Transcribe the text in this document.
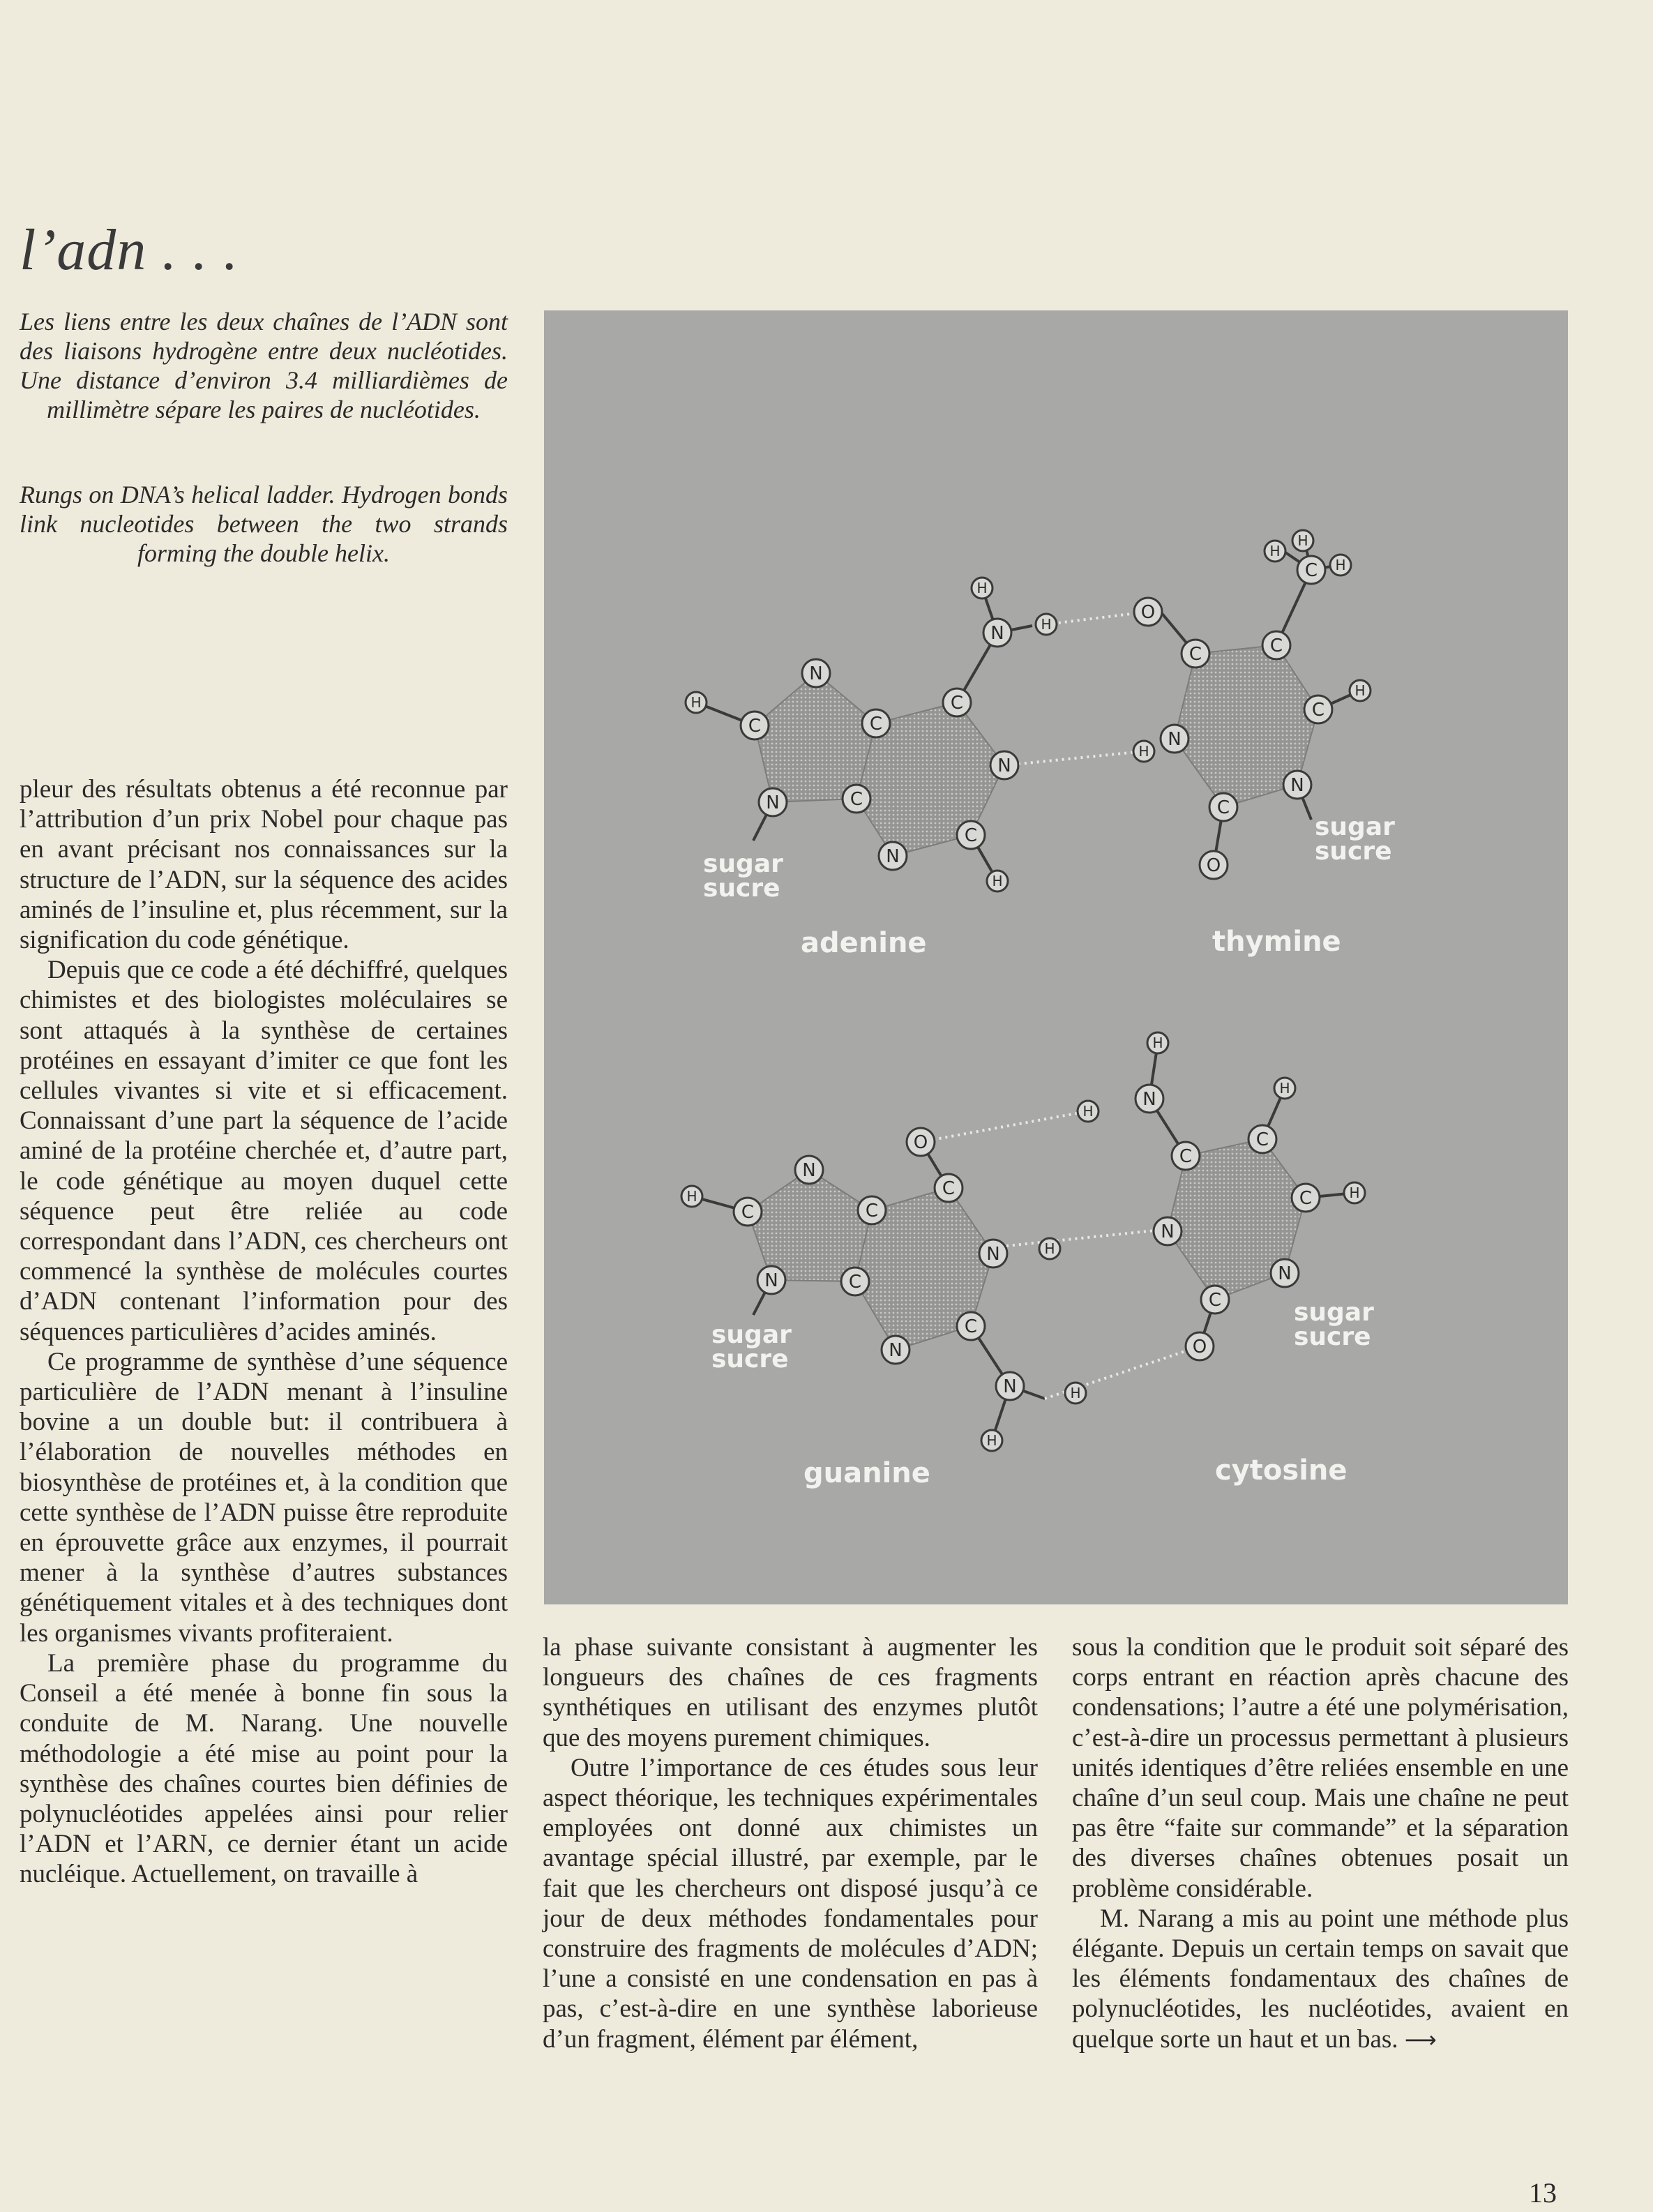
l’adn . . .
Les liens entre les deux chaînes de l’ADN sont des liaisons hydrogène entre deux nucléotides. Une distance d’environ 3.4 milliardièmes de millimètre sépare les paires de nucléotides.
Rungs on DNA’s helical ladder. Hydrogen bonds link nucleotides between the two strands forming the double helix.
N
C
N	C
C
C
N
C
N
H
H
N
H
H
C	C
C
N
C
N
O
H
C H
H
H
H
O
sugar
sucre
sugar
sucre
adenine	thymine
N
C
N	C
C
C
N
C
N
H
O
N
H
H
C
C
C
N
C
N
N
H
H
H
H
O
H
sugar
sucre
sugar
sucre
guanine	cytosine

pleur des résultats obtenus a été reconnue par l’attribution d’un prix Nobel pour chaque pas en avant précisant nos connaissances sur la structure de l’ADN, sur la séquence des acides aminés de l’insuline et, plus récemment, sur la signification du code génétique.

Depuis que ce code a été déchiffré, quelques chimistes et des biologistes moléculaires se sont attaqués à la synthèse de certaines protéines en essayant d’imiter ce que font les cellules vivantes si vite et si efficacement. Connaissant d’une part la séquence de l’acide aminé de la protéine cherchée et, d’autre part, le code génétique au moyen duquel cette séquence peut être reliée au code correspondant dans l’ADN, ces chercheurs ont commencé la synthèse de molécules courtes d’ADN contenant l’information pour des séquences particulières d’acides aminés.

Ce programme de synthèse d’une séquence particulière de l’ADN menant à l’insuline bovine a un double but: il contribuera à l’élaboration de nouvelles méthodes en biosynthèse de protéines et, à la condition que cette synthèse de l’ADN puisse être reproduite en éprouvette grâce aux enzymes, il pourrait mener à la synthèse d’autres substances génétiquement vitales et à des techniques dont les organismes vivants profiteraient.

La première phase du programme du Conseil a été menée à bonne fin sous la conduite de M. Narang. Une nouvelle méthodologie a été mise au point pour la synthèse des chaînes courtes bien définies de polynucléotides appelées ainsi pour relier l’ADN et l’ARN, ce dernier étant un acide nucléique. Actuellement, on travaille à

la phase suivante consistant à augmenter les longueurs des chaînes de ces fragments synthétiques en utilisant des enzymes plutôt que des moyens purement chimiques.

Outre l’importance de ces études sous leur aspect théorique, les techniques expérimentales employées ont donné aux chimistes un avantage spécial illustré, par exemple, par le fait que les chercheurs ont disposé jusqu’à ce jour de deux méthodes fondamentales pour construire des fragments de molécules d’ADN; l’une a consisté en une condensation en pas à pas, c’est-à-dire en une synthèse laborieuse d’un fragment, élément par élément,

sous la condition que le produit soit séparé des corps entrant en réaction après chacune des condensations; l’autre a été une polymérisation, c’est-à-dire un processus permettant à plusieurs unités identiques d’être reliées ensemble en une chaîne d’un seul coup. Mais une chaîne ne peut pas être “faite sur commande” et la séparation des diverses chaînes obtenues posait un problème considérable.

M. Narang a mis au point une méthode plus élégante. Depuis un certain temps on savait que les éléments fondamentaux des chaînes de polynucléotides, les nucléotides, avaient en quelque sorte un haut et un bas. ⟶

13
